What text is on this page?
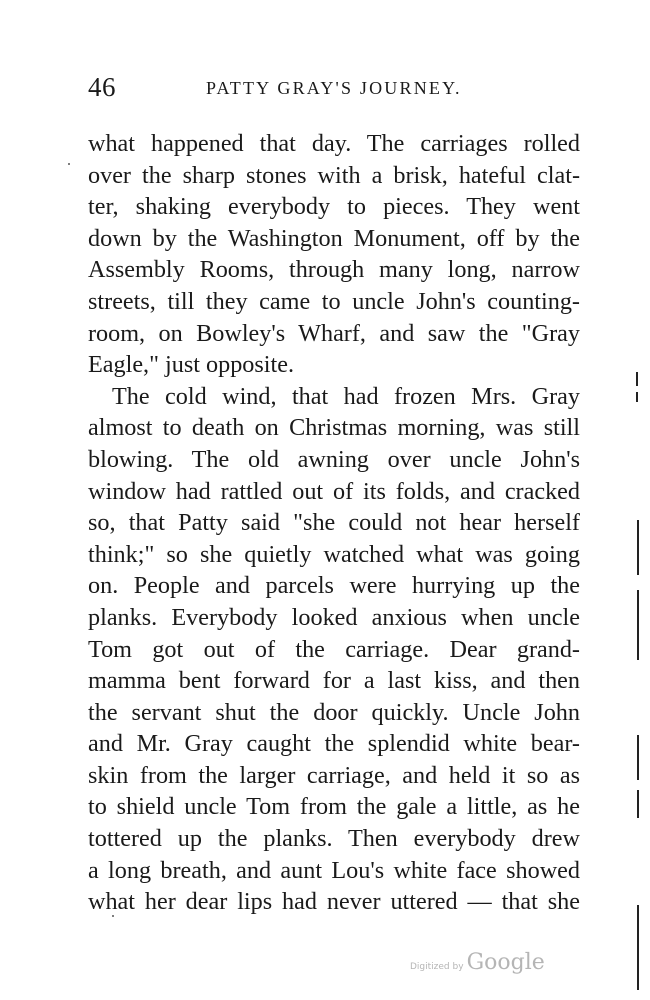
46	PATTY GRAY'S JOURNEY.
what happened that day. The carriages rolled
over the sharp stones with a brisk, hateful clat-
ter, shaking everybody to pieces. They went
down by the Washington Monument, off by the
Assembly Rooms, through many long, narrow
streets, till they came to uncle John's counting-
room, on Bowley's Wharf, and saw the "Gray
Eagle," just opposite.
The cold wind, that had frozen Mrs. Gray
almost to death on Christmas morning, was still
blowing. The old awning over uncle John's
window had rattled out of its folds, and cracked
so, that Patty said "she could not hear herself
think;" so she quietly watched what was going
on. People and parcels were hurrying up the
planks. Everybody looked anxious when uncle
Tom got out of the carriage. Dear grand-
mamma bent forward for a last kiss, and then
the servant shut the door quickly. Uncle John
and Mr. Gray caught the splendid white bear-
skin from the larger carriage, and held it so as
to shield uncle Tom from the gale a little, as he
tottered up the planks. Then everybody drew
a long breath, and aunt Lou's white face showed
what her dear lips had never uttered — that she
Digitized by Google
